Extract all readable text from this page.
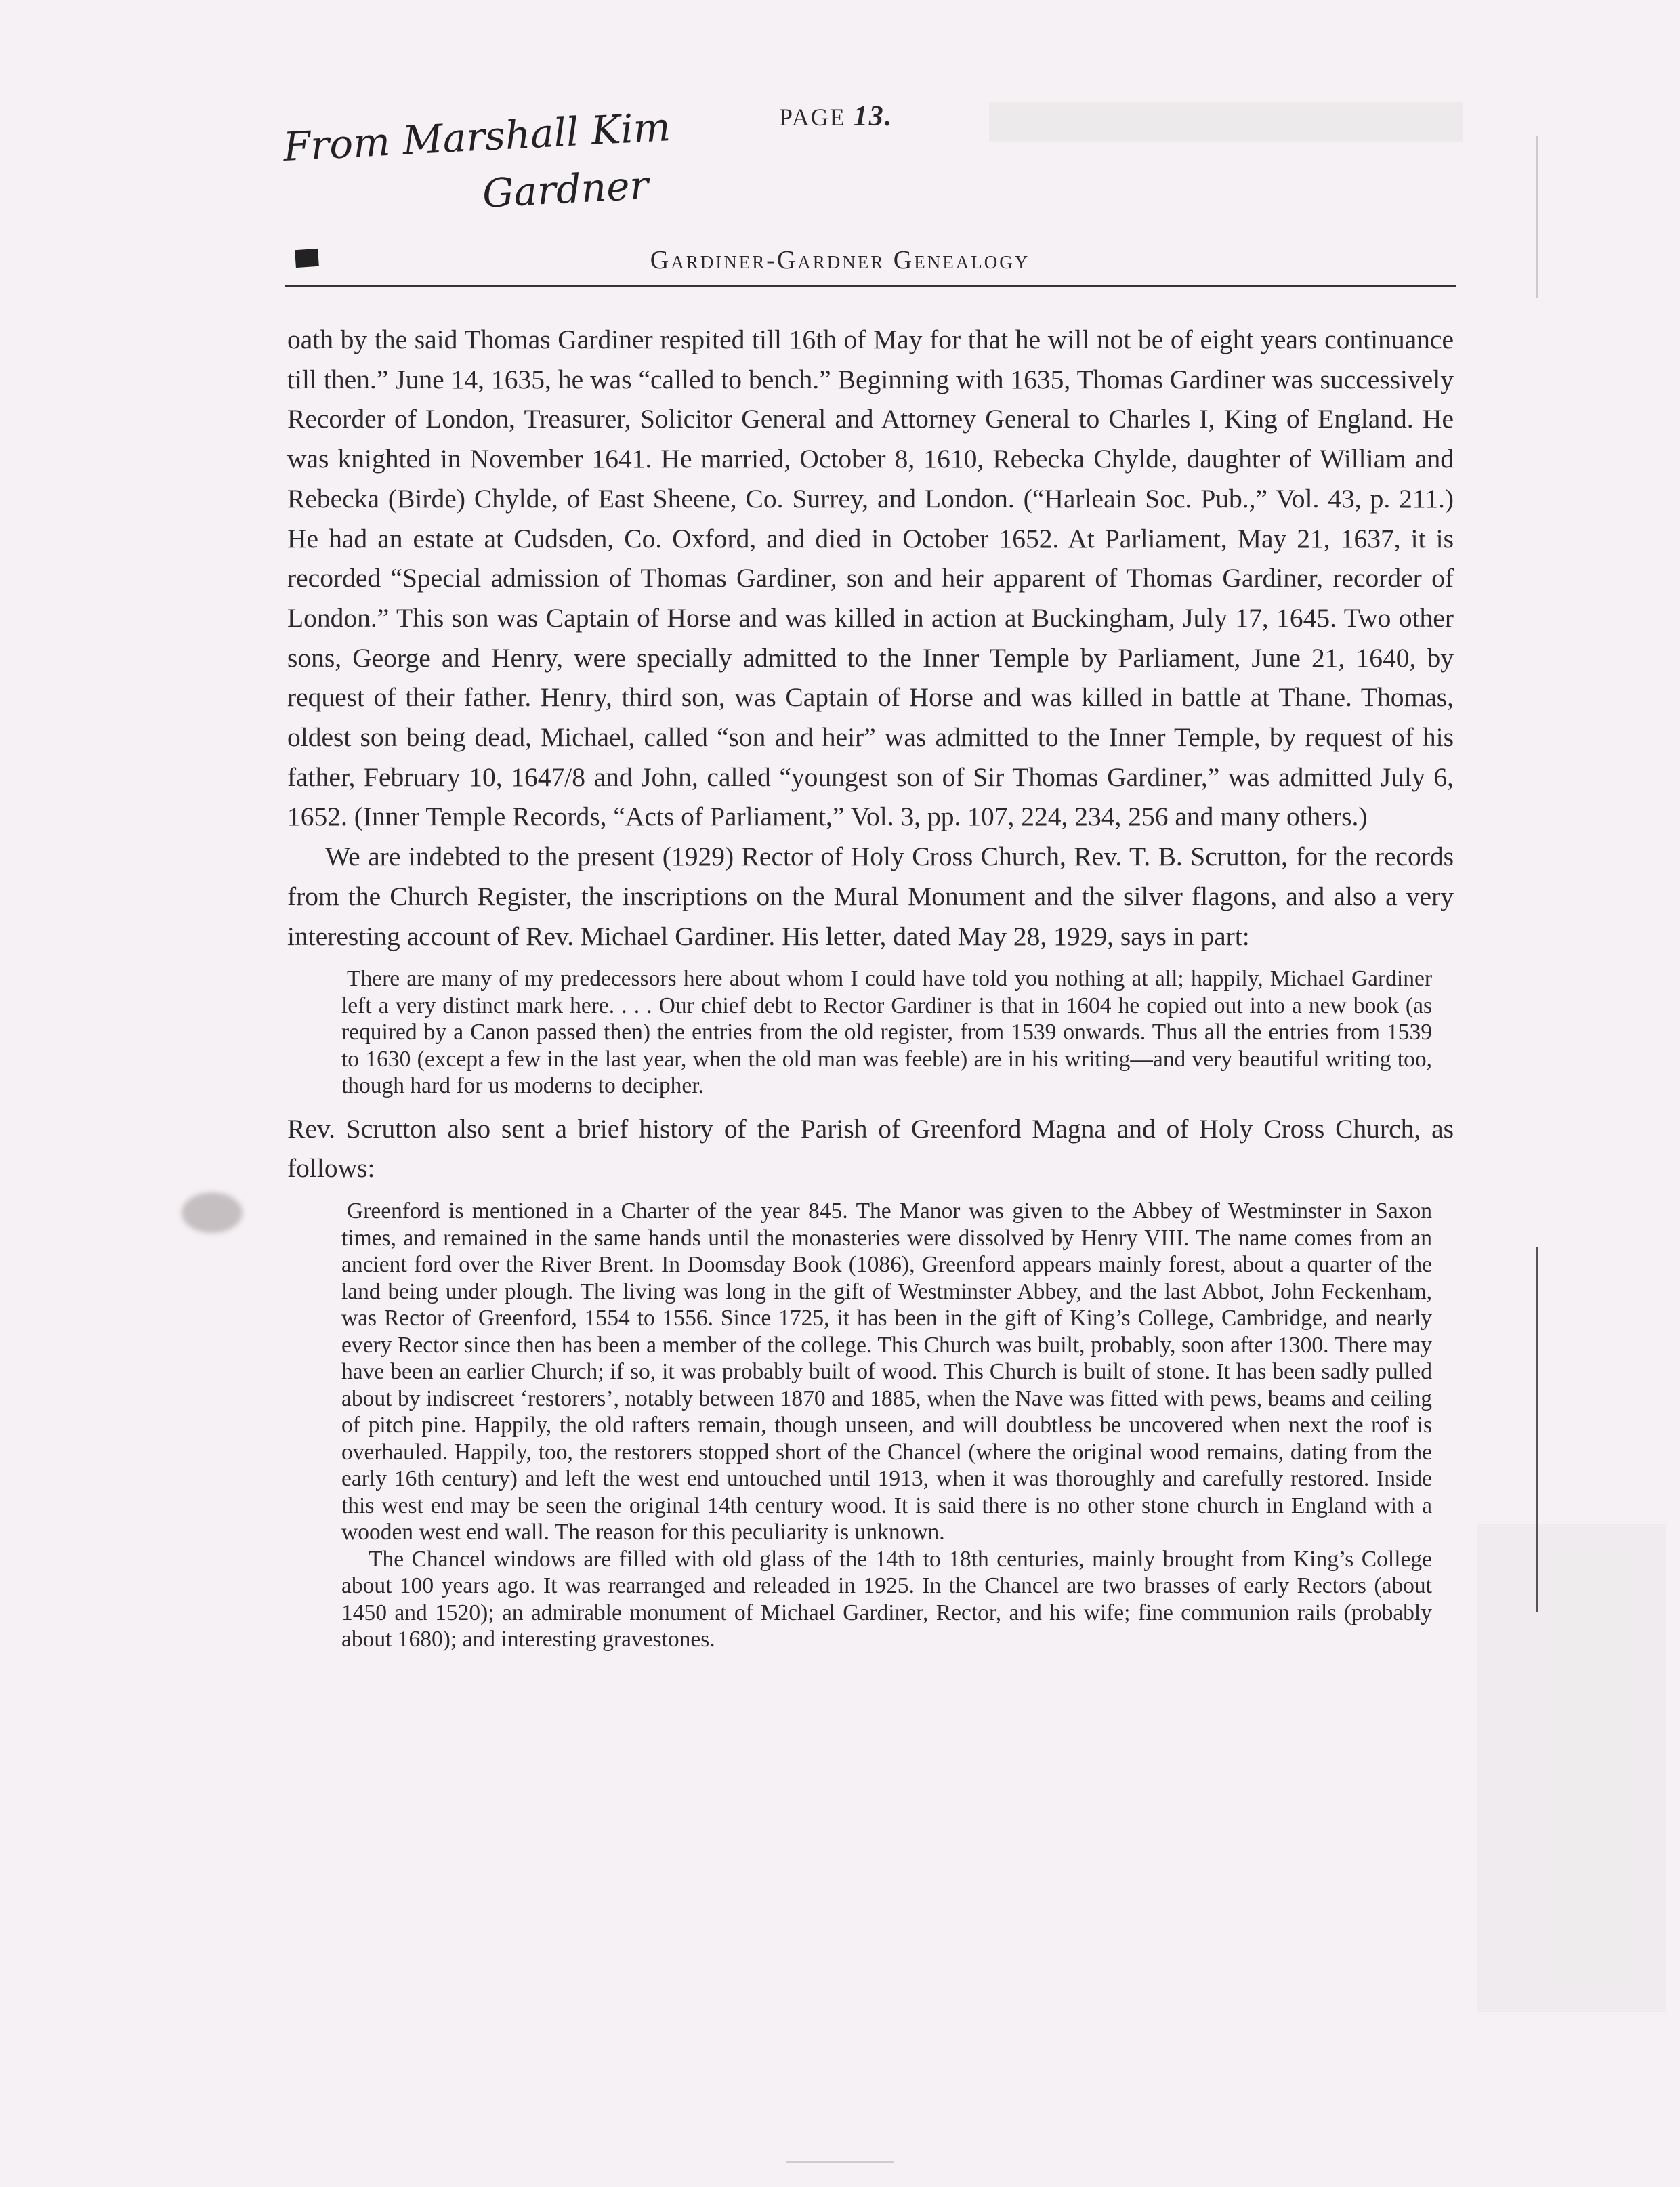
From Marshall Kim
Gardner
PAGE 13.
Gardiner-Gardner Genealogy

oath by the said Thomas Gardiner respited till 16th of May for that he will not be of eight years continuance till then.” June 14, 1635, he was “called to bench.” Beginning with 1635, Thomas Gardiner was successively Recorder of London, Treasurer, Solicitor General and Attorney General to Charles I, King of England. He was knighted in November 1641. He married, October 8, 1610, Rebecka Chylde, daughter of William and Rebecka (Birde) Chylde, of East Sheene, Co. Surrey, and London. (“Harleain Soc. Pub.,” Vol. 43, p. 211.) He had an estate at Cudsden, Co. Oxford, and died in October 1652. At Parliament, May 21, 1637, it is recorded “Special admission of Thomas Gardiner, son and heir apparent of Thomas Gardiner, recorder of London.” This son was Captain of Horse and was killed in action at Buckingham, July 17, 1645. Two other sons, George and Henry, were specially admitted to the Inner Temple by Parliament, June 21, 1640, by request of their father. Henry, third son, was Captain of Horse and was killed in battle at Thane. Thomas, oldest son being dead, Michael, called “son and heir” was admitted to the Inner Temple, by request of his father, February 10, 1647/8 and John, called “youngest son of Sir Thomas Gardiner,” was admitted July 6, 1652. (Inner Temple Records, “Acts of Parliament,” Vol. 3, pp. 107, 224, 234, 256 and many others.)

We are indebted to the present (1929) Rector of Holy Cross Church, Rev. T. B. Scrutton, for the records from the Church Register, the inscriptions on the Mural Monument and the silver flagons, and also a very interesting account of Rev. Michael Gardiner. His letter, dated May 28, 1929, says in part:

There are many of my predecessors here about whom I could have told you nothing at all; happily, Michael Gardiner left a very distinct mark here. . . . Our chief debt to Rector Gardiner is that in 1604 he copied out into a new book (as required by a Canon passed then) the entries from the old register, from 1539 onwards. Thus all the entries from 1539 to 1630 (except a few in the last year, when the old man was feeble) are in his writing—and very beautiful writing too, though hard for us moderns to decipher.

Rev. Scrutton also sent a brief history of the Parish of Greenford Magna and of Holy Cross Church, as follows:

Greenford is mentioned in a Charter of the year 845. The Manor was given to the Abbey of Westminster in Saxon times, and remained in the same hands until the monasteries were dissolved by Henry VIII. The name comes from an ancient ford over the River Brent. In Doomsday Book (1086), Greenford appears mainly forest, about a quarter of the land being under plough. The living was long in the gift of Westminster Abbey, and the last Abbot, John Feckenham, was Rector of Greenford, 1554 to 1556. Since 1725, it has been in the gift of King’s College, Cambridge, and nearly every Rector since then has been a member of the college. This Church was built, probably, soon after 1300. There may have been an earlier Church; if so, it was probably built of wood. This Church is built of stone. It has been sadly pulled about by indiscreet ‘restorers’, notably between 1870 and 1885, when the Nave was fitted with pews, beams and ceiling of pitch pine. Happily, the old rafters remain, though unseen, and will doubtless be uncovered when next the roof is overhauled. Happily, too, the restorers stopped short of the Chancel (where the original wood remains, dating from the early 16th century) and left the west end untouched until 1913, when it was thoroughly and carefully restored. Inside this west end may be seen the original 14th century wood. It is said there is no other stone church in England with a wooden west end wall. The reason for this peculiarity is unknown.

The Chancel windows are filled with old glass of the 14th to 18th centuries, mainly brought from King’s College about 100 years ago. It was rearranged and releaded in 1925. In the Chancel are two brasses of early Rectors (about 1450 and 1520); an admirable monument of Michael Gardiner, Rector, and his wife; fine communion rails (probably about 1680); and interesting gravestones.
